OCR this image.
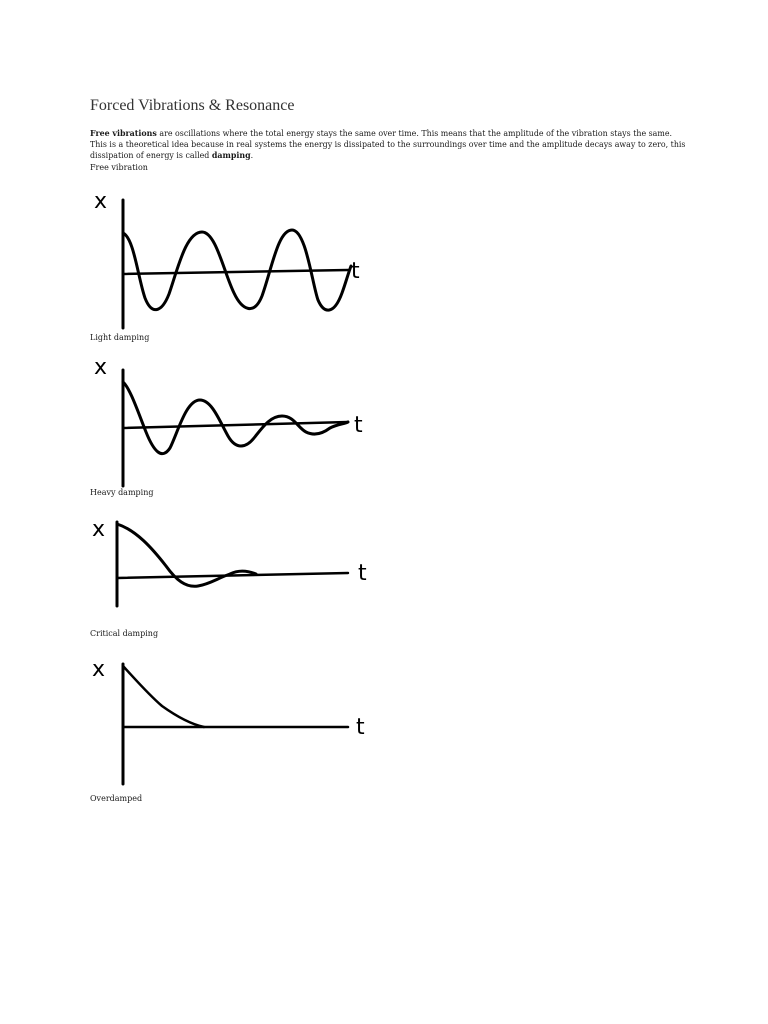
Forced Vibrations & Resonance

Free vibrations are oscillations where the total energy stays the same over time. This means that the amplitude of the vibration stays the same. This is a theoretical idea because in real systems the energy is dissipated to the surroundings over time and the amplitude decays away to zero, this dissipation of energy is called damping.

Free vibration
x
t
Light damping
x
t
Heavy damping
x
t
Critical damping
x
t
Overdamped
